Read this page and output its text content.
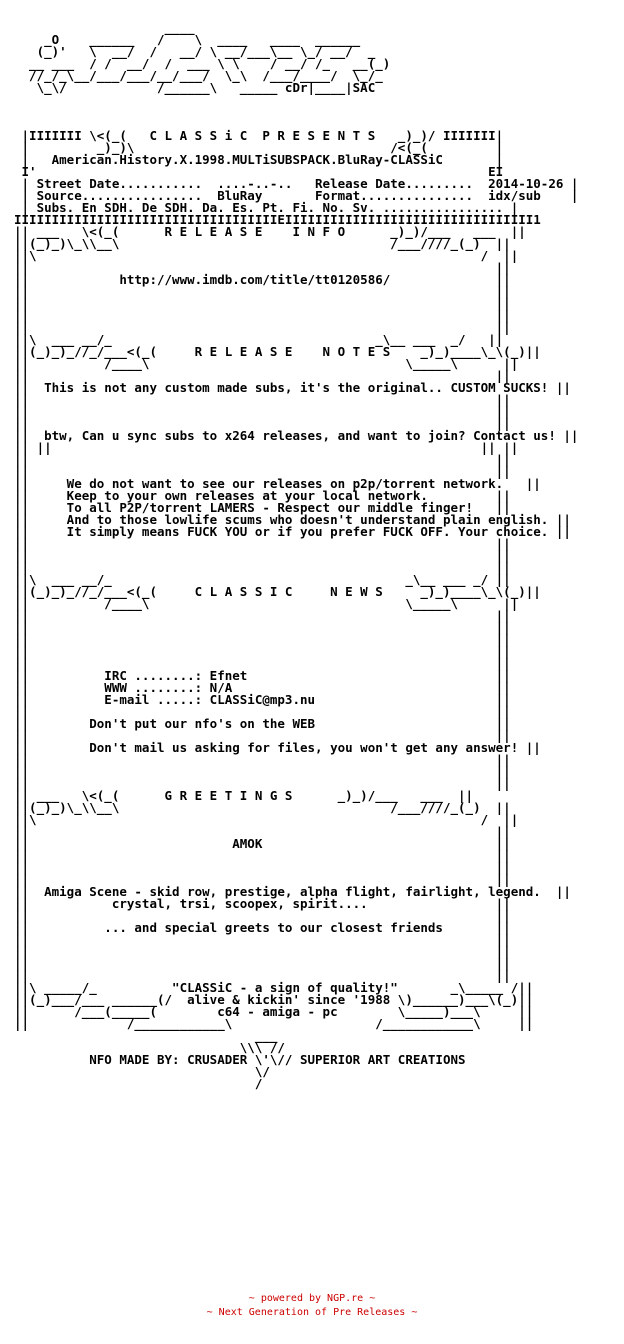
____
_O    ______   /    \  ____   ____  ______
(_)'   \  __/  /   __/ \ __/___\__ \_/ __/  _
__ ___  / /  __/  /  ___ \ \    / __/ /_   __(_)
//_/_\__/___/___/__/___/  \_\  /___/____/  \_/_
\_\/            /______\   _____ cDr|____|SAC

|IIIIIII \<(_(   C L A S S i C  P R E S E N T S   _)_)/ IIIIIII|
|         _)_)\                                  /<(_(         |
|   American.History.X.1998.MULTiSUBSPACK.BluRay-CLASSiC       |
I'                                                            EI
| Street Date...........  ....-..-..   Release Date.........  2014-10-26 |
| Source................  BluRay       Format...............  idx/sub    |
| Subs. En SDH. De SDH. Da. Es. Pt. Fi. No. Sv. ................ |
IIIIIIIIIIIIIIIIIIIIIIIIIIIIIIIIIIIEIIIIIIIIIIIIIIIIIIIIIIIIIIIIIIIII1
|| ___   \<(_(      R E L E A S E    I N F O      _)_)/___   ___  ||
||(_)_)\_\\__\                                    /___////_(_)  ||
||\                                                           /  ||
||                                                              ||
||            http://www.imdb.com/title/tt0120586/              ||
||                                                              ||
||                                                              ||
||                                                              ||
||                                                              ||
||\  ___ __/_                                   _\__ ___  _/   ||
||(_)_)_//_/___<(_(     R E L E A S E    N O T E S    _)_)____\_\(_)||
||          /____\                                  \_____\      ||
||                                                              ||
||  This is not any custom made subs, it's the original.. CUSTOM SUCKS! ||
||                                                              ||
||                                                              ||
||                                                              ||
||  btw, Can u sync subs to x264 releases, and want to join? Contact us! ||
|| ||                                                         || ||
||                                                              ||
||                                                              ||
||     We do not want to see our releases on p2p/torrent network.   ||
||     Keep to your own releases at your local network.         ||
||     To all P2P/torrent LAMERS - Respect our middle finger!   ||
||     And to those lowlife scums who doesn't understand plain english. ||
||     It simply means FUCK YOU or if you prefer FUCK OFF. Your choice. ||
||                                                              ||
||                                                              ||
||                                                              ||
||\  ___ __/_                                       _\__ ___ _/ ||
||(_)_)_//_/___<(_(     C L A S S I C     N E W S     _)_)____\_\(_)||
||          /____\                                  \_____\      ||
||                                                              ||
||                                                              ||
||                                                              ||
||                                                              ||
||                                                              ||
||          IRC ........: Efnet                                 ||
||          WWW ........: N/A                                   ||
||          E-mail .....: CLASSiC@mp3.nu                        ||
||                                                              ||
||        Don't put our nfo's on the WEB                        ||
||                                                              ||
||        Don't mail us asking for files, you won't get any answer! ||
||                                                              ||
||                                                              ||
||                                                              ||
|| ___   \<(_(      G R E E T I N G S      _)_)/___   ___  ||
||(_)_)\_\\__\                                    /___////_(_)  ||
||\                                                           /  ||
||                                                              ||
||                           AMOK                               ||
||                                                              ||
||                                                              ||
||                                                              ||
||  Amiga Scene - skid row, prestige, alpha flight, fairlight, legend.  ||
||           crystal, trsi, scoopex, spirit....                 ||
||                                                              ||
||          ... and special greets to our closest friends       ||
||                                                              ||
||                                                              ||
||                                                              ||
||                                                              ||
||\ _____/_          "CLASSiC - a sign of quality!"       _\_____ /||
||(_)___/___ ______(/  alive & kickin' since '1988 \)______)___\(_)||
||      /___(_____(        c64 - amiga - pc        \_____)___\     ||
||             /____________\                   /____________\     ||
___
\\\ //
NFO MADE BY: CRUSADER \'\// SUPERIOR ART CREATIONS
\/
/

~ powered by NGP.re ~
~ Next Generation of Pre Releases ~
